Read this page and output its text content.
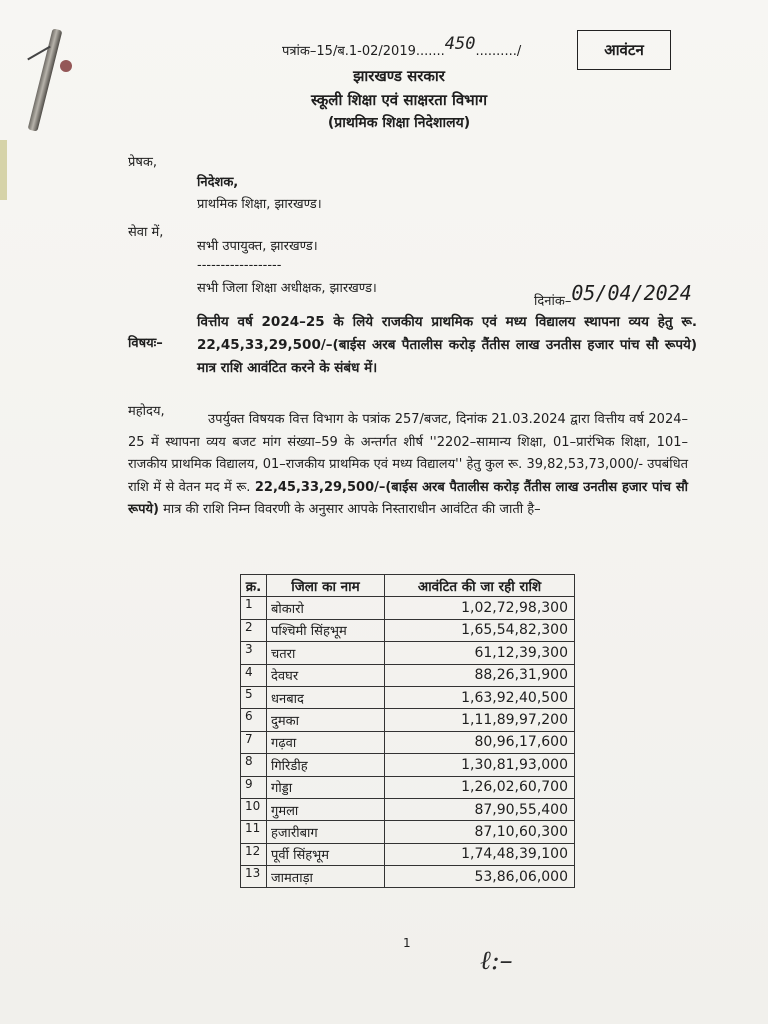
आवंटन
पत्रांक–15/ब.1-02/2019.......450........../
झारखण्ड सरकार
स्कूली शिक्षा एवं साक्षरता विभाग
(प्राथमिक शिक्षा निदेशालय)
प्रेषक,
निदेशक,
प्राथमिक शिक्षा, झारखण्ड।
सेवा में,
सभी उपायुक्त, झारखण्ड।
------------------
सभी जिला शिक्षा अधीक्षक, झारखण्ड।
दिनांक–05/04/2024
विषयः–
वित्तीय वर्ष 2024–25 के लिये राजकीय प्राथमिक एवं मध्य विद्यालय स्थापना व्यय हेतु रू. 22,45,33,29,500/–(बाईस अरब पैतालीस करोड़ तैंतीस लाख उनतीस हजार पांच सौ रूपये) मात्र राशि आवंटित करने के संबंध में।
महोदय,
उपर्युक्त विषयक वित्त विभाग के पत्रांक 257/बजट, दिनांक 21.03.2024 द्वारा वित्तीय वर्ष 2024–25 में स्थापना व्यय बजट मांग संख्या–59 के अन्तर्गत शीर्ष ''2202–सामान्य शिक्षा, 01–प्रारंभिक शिक्षा, 101–राजकीय प्राथमिक विद्यालय, 01–राजकीय प्राथमिक एवं मध्य विद्यालय'' हेतु कुल रू. 39,82,53,73,000/- उपबंधित राशि में से वेतन मद में रू. 22,45,33,29,500/–(बाईस अरब पैतालीस करोड़ तैंतीस लाख उनतीस हजार पांच सौ रूपये) मात्र की राशि निम्न विवरणी के अनुसार आपके निस्ताराधीन आवंटित की जाती है–
क्र.	जिला का नाम	आवंटित की जा रही राशि
1	बोकारो	1,02,72,98,300
2	पश्चिमी सिंहभूम	1,65,54,82,300
3	चतरा	61,12,39,300
4	देवघर	88,26,31,900
5	धनबाद	1,63,92,40,500
6	दुमका	1,11,89,97,200
7	गढ़वा	80,96,17,600
8	गिरिडीह	1,30,81,93,000
9	गोड्डा	1,26,02,60,700
10	गुमला	87,90,55,400
11	हजारीबाग	87,10,60,300
12	पूर्वी सिंहभूम	1,74,48,39,100
13	जामताड़ा	53,86,06,000
1
ℓ:–
